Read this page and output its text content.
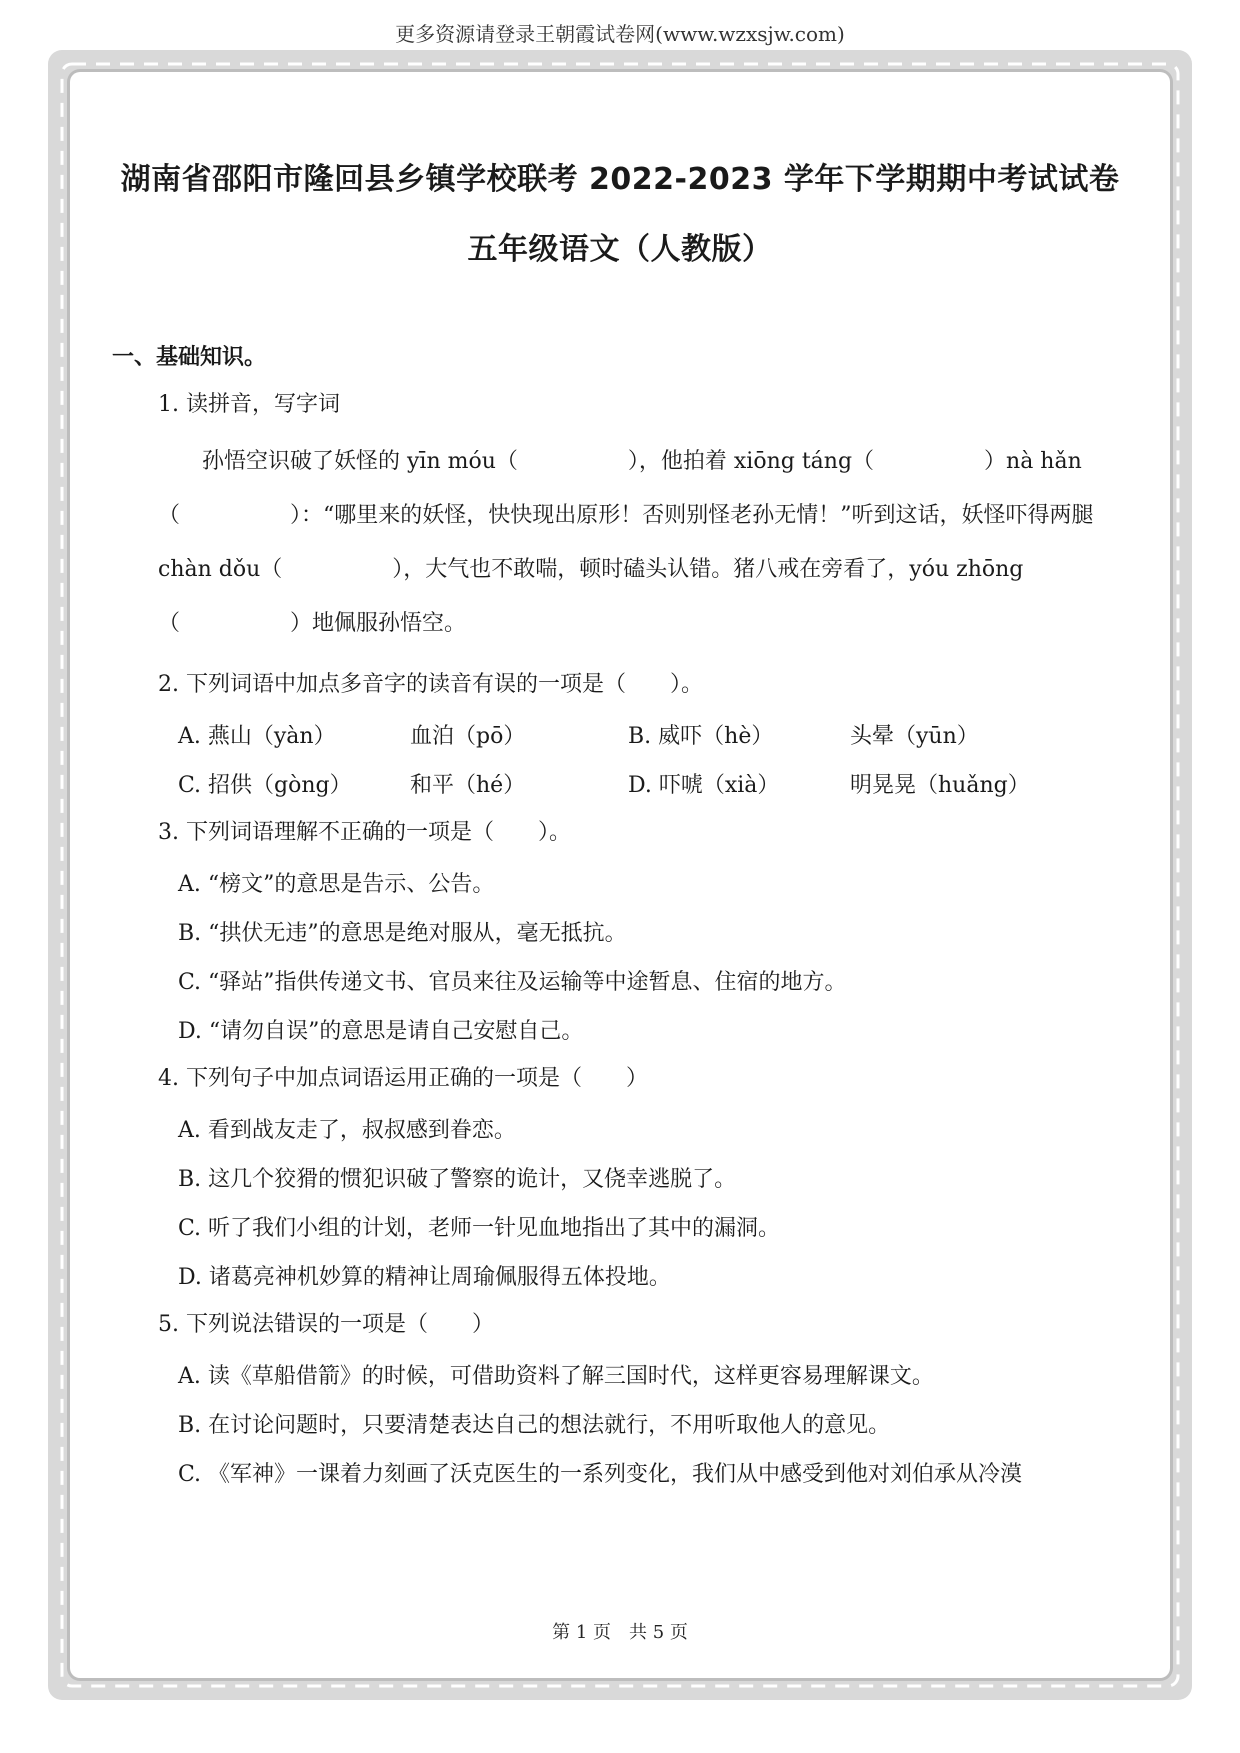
更多资源请登录王朝霞试卷网(www.wzxsjw.com)
湖南省邵阳市隆回县乡镇学校联考 2022-2023 学年下学期期中考试试卷
五年级语文（人教版）
一、基础知识。
1. 读拼音，写字词
孙悟空识破了妖怪的 yīn móu（　　　　　），他拍着 xiōng táng（　　　　　）nà hǎn（　　　　　）：“哪里来的妖怪，快快现出原形！否则别怪老孙无情！”听到这话，妖怪吓得两腿 chàn dǒu（　　　　　），大气也不敢喘，顿时磕头认错。猪八戒在旁看了，yóu zhōng（　　　　　）地佩服孙悟空。
2. 下列词语中加点多音字的读音有误的一项是（　　）。
A. 燕山（yàn）	血泊（pō）	B. 威吓（hè）	头晕（yūn）
C. 招供（gòng）	和平（hé）	D. 吓唬（xià）	明晃晃（huǎng）
3. 下列词语理解不正确的一项是（　　）。
A. “榜文”的意思是告示、公告。
B. “拱伏无违”的意思是绝对服从，毫无抵抗。
C. “驿站”指供传递文书、官员来往及运输等中途暂息、住宿的地方。
D. “请勿自误”的意思是请自己安慰自己。
4. 下列句子中加点词语运用正确的一项是（　　）
A. 看到战友走了，叔叔感到眷恋。
B. 这几个狡猾的惯犯识破了警察的诡计，又侥幸逃脱了。
C. 听了我们小组的计划，老师一针见血地指出了其中的漏洞。
D. 诸葛亮神机妙算的精神让周瑜佩服得五体投地。
5. 下列说法错误的一项是（　　）
A. 读《草船借箭》的时候，可借助资料了解三国时代，这样更容易理解课文。
B. 在讨论问题时，只要清楚表达自己的想法就行，不用听取他人的意见。
C. 《军神》一课着力刻画了沃克医生的一系列变化，我们从中感受到他对刘伯承从冷漠
第 1 页　共 5 页
